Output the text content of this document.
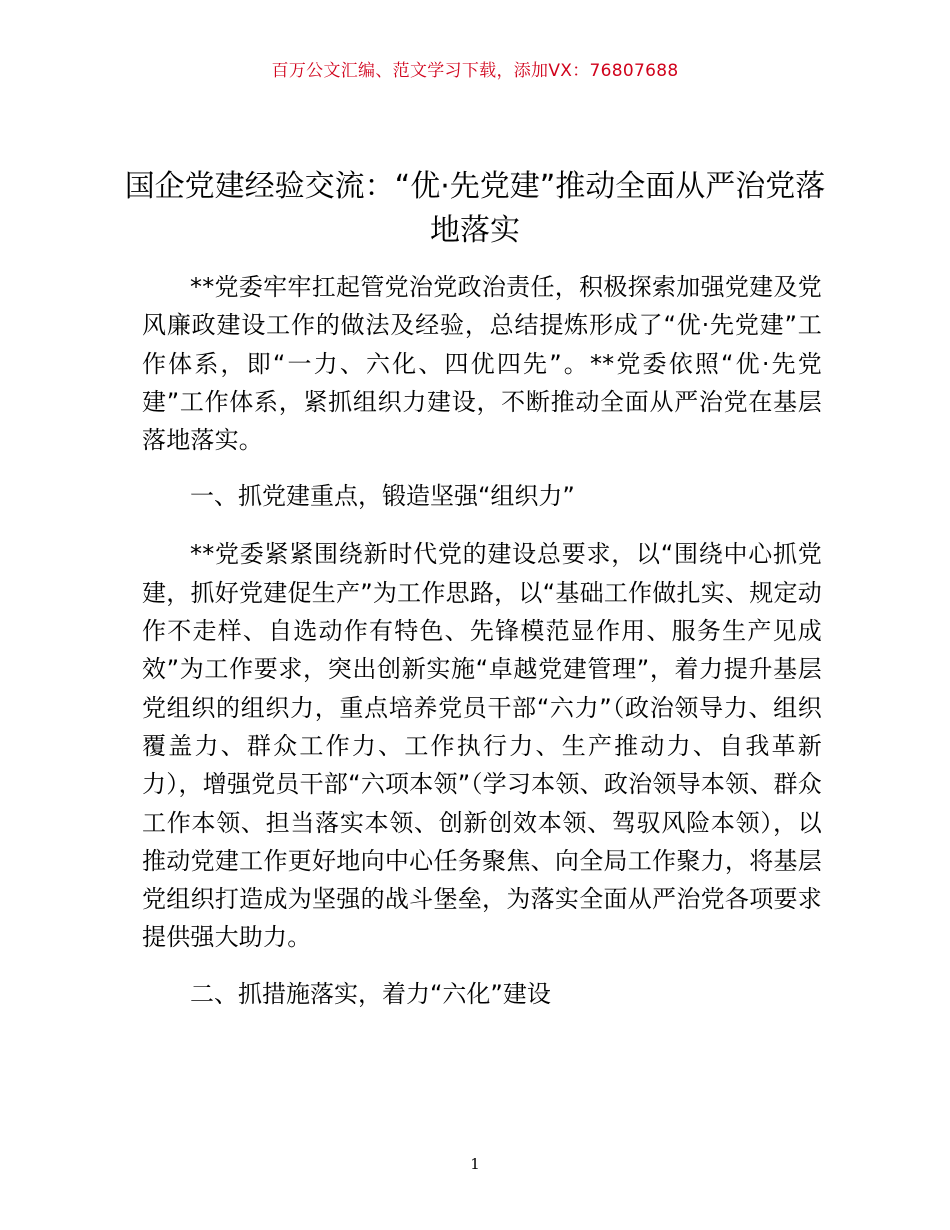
百万公文汇编、范文学习下载，添加VX：76807688
国企党建经验交流：“优·先党建”推动全面从严治党落地落实

**党委牢牢扛起管党治党政治责任，积极探索加强党建及党风廉政建设工作的做法及经验，总结提炼形成了“优·先党建”工作体系，即“一力、六化、四优四先”。**党委依照“优·先党建”工作体系，紧抓组织力建设，不断推动全面从严治党在基层落地落实。

一、抓党建重点，锻造坚强“组织力”

**党委紧紧围绕新时代党的建设总要求，以“围绕中心抓党建，抓好党建促生产”为工作思路，以“基础工作做扎实、规定动作不走样、自选动作有特色、先锋模范显作用、服务生产见成效”为工作要求，突出创新实施“卓越党建管理”，着力提升基层党组织的组织力，重点培养党员干部“六力”（政治领导力、组织覆盖力、群众工作力、工作执行力、生产推动力、自我革新力），增强党员干部“六项本领”（学习本领、政治领导本领、群众工作本领、担当落实本领、创新创效本领、驾驭风险本领），以推动党建工作更好地向中心任务聚焦、向全局工作聚力，将基层党组织打造成为坚强的战斗堡垒，为落实全面从严治党各项要求提供强大助力。

二、抓措施落实，着力“六化”建设

1
